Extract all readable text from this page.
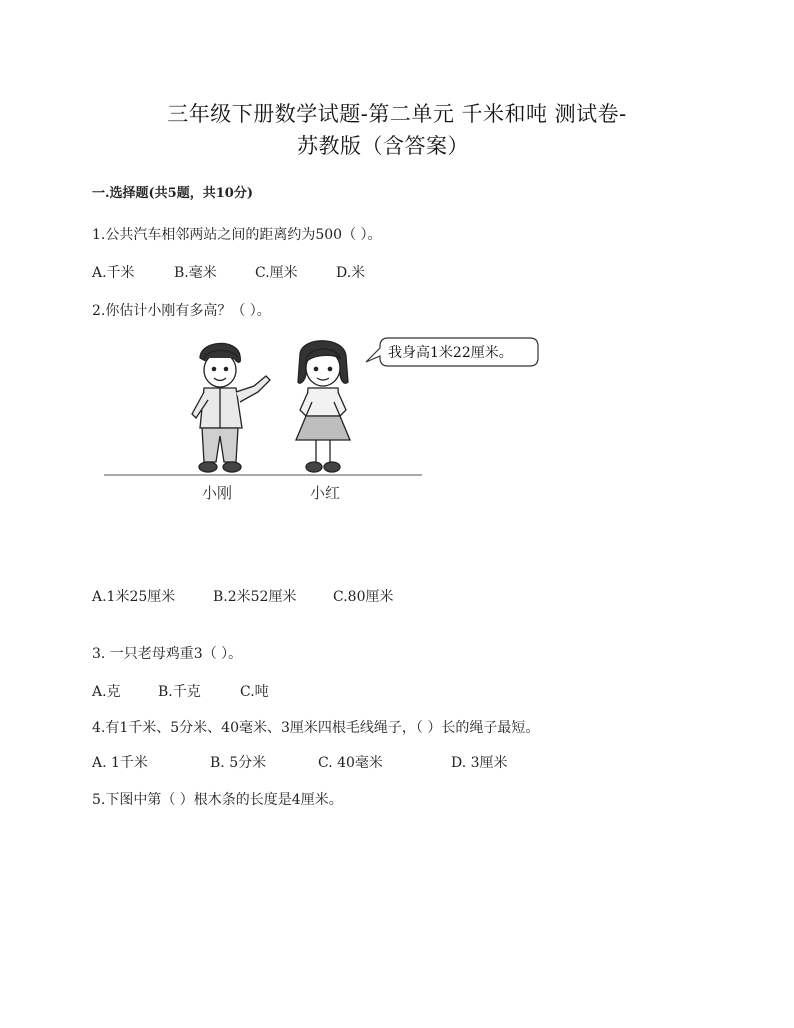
三年级下册数学试题-第二单元 千米和吨 测试卷-
苏教版（含答案）
一.选择题(共5题，共10分)
1.公共汽车相邻两站之间的距离约为500（ ）。
A.千米	B.毫米	C.厘米	D.米
2.你估计小刚有多高？（ ）。
我身高1米22厘米。
小刚	小红
A.1米25厘米	B.2米52厘米	C.80厘米
3. 一只老母鸡重3（ ）。
A.克	B.千克	C.吨
4.有1千米、5分米、40毫米、3厘米四根毛线绳子，（ ）长的绳子最短。
A. 1千米	B. 5分米	C. 40毫米	D. 3厘米
5.下图中第（ ）根木条的长度是4厘米。
